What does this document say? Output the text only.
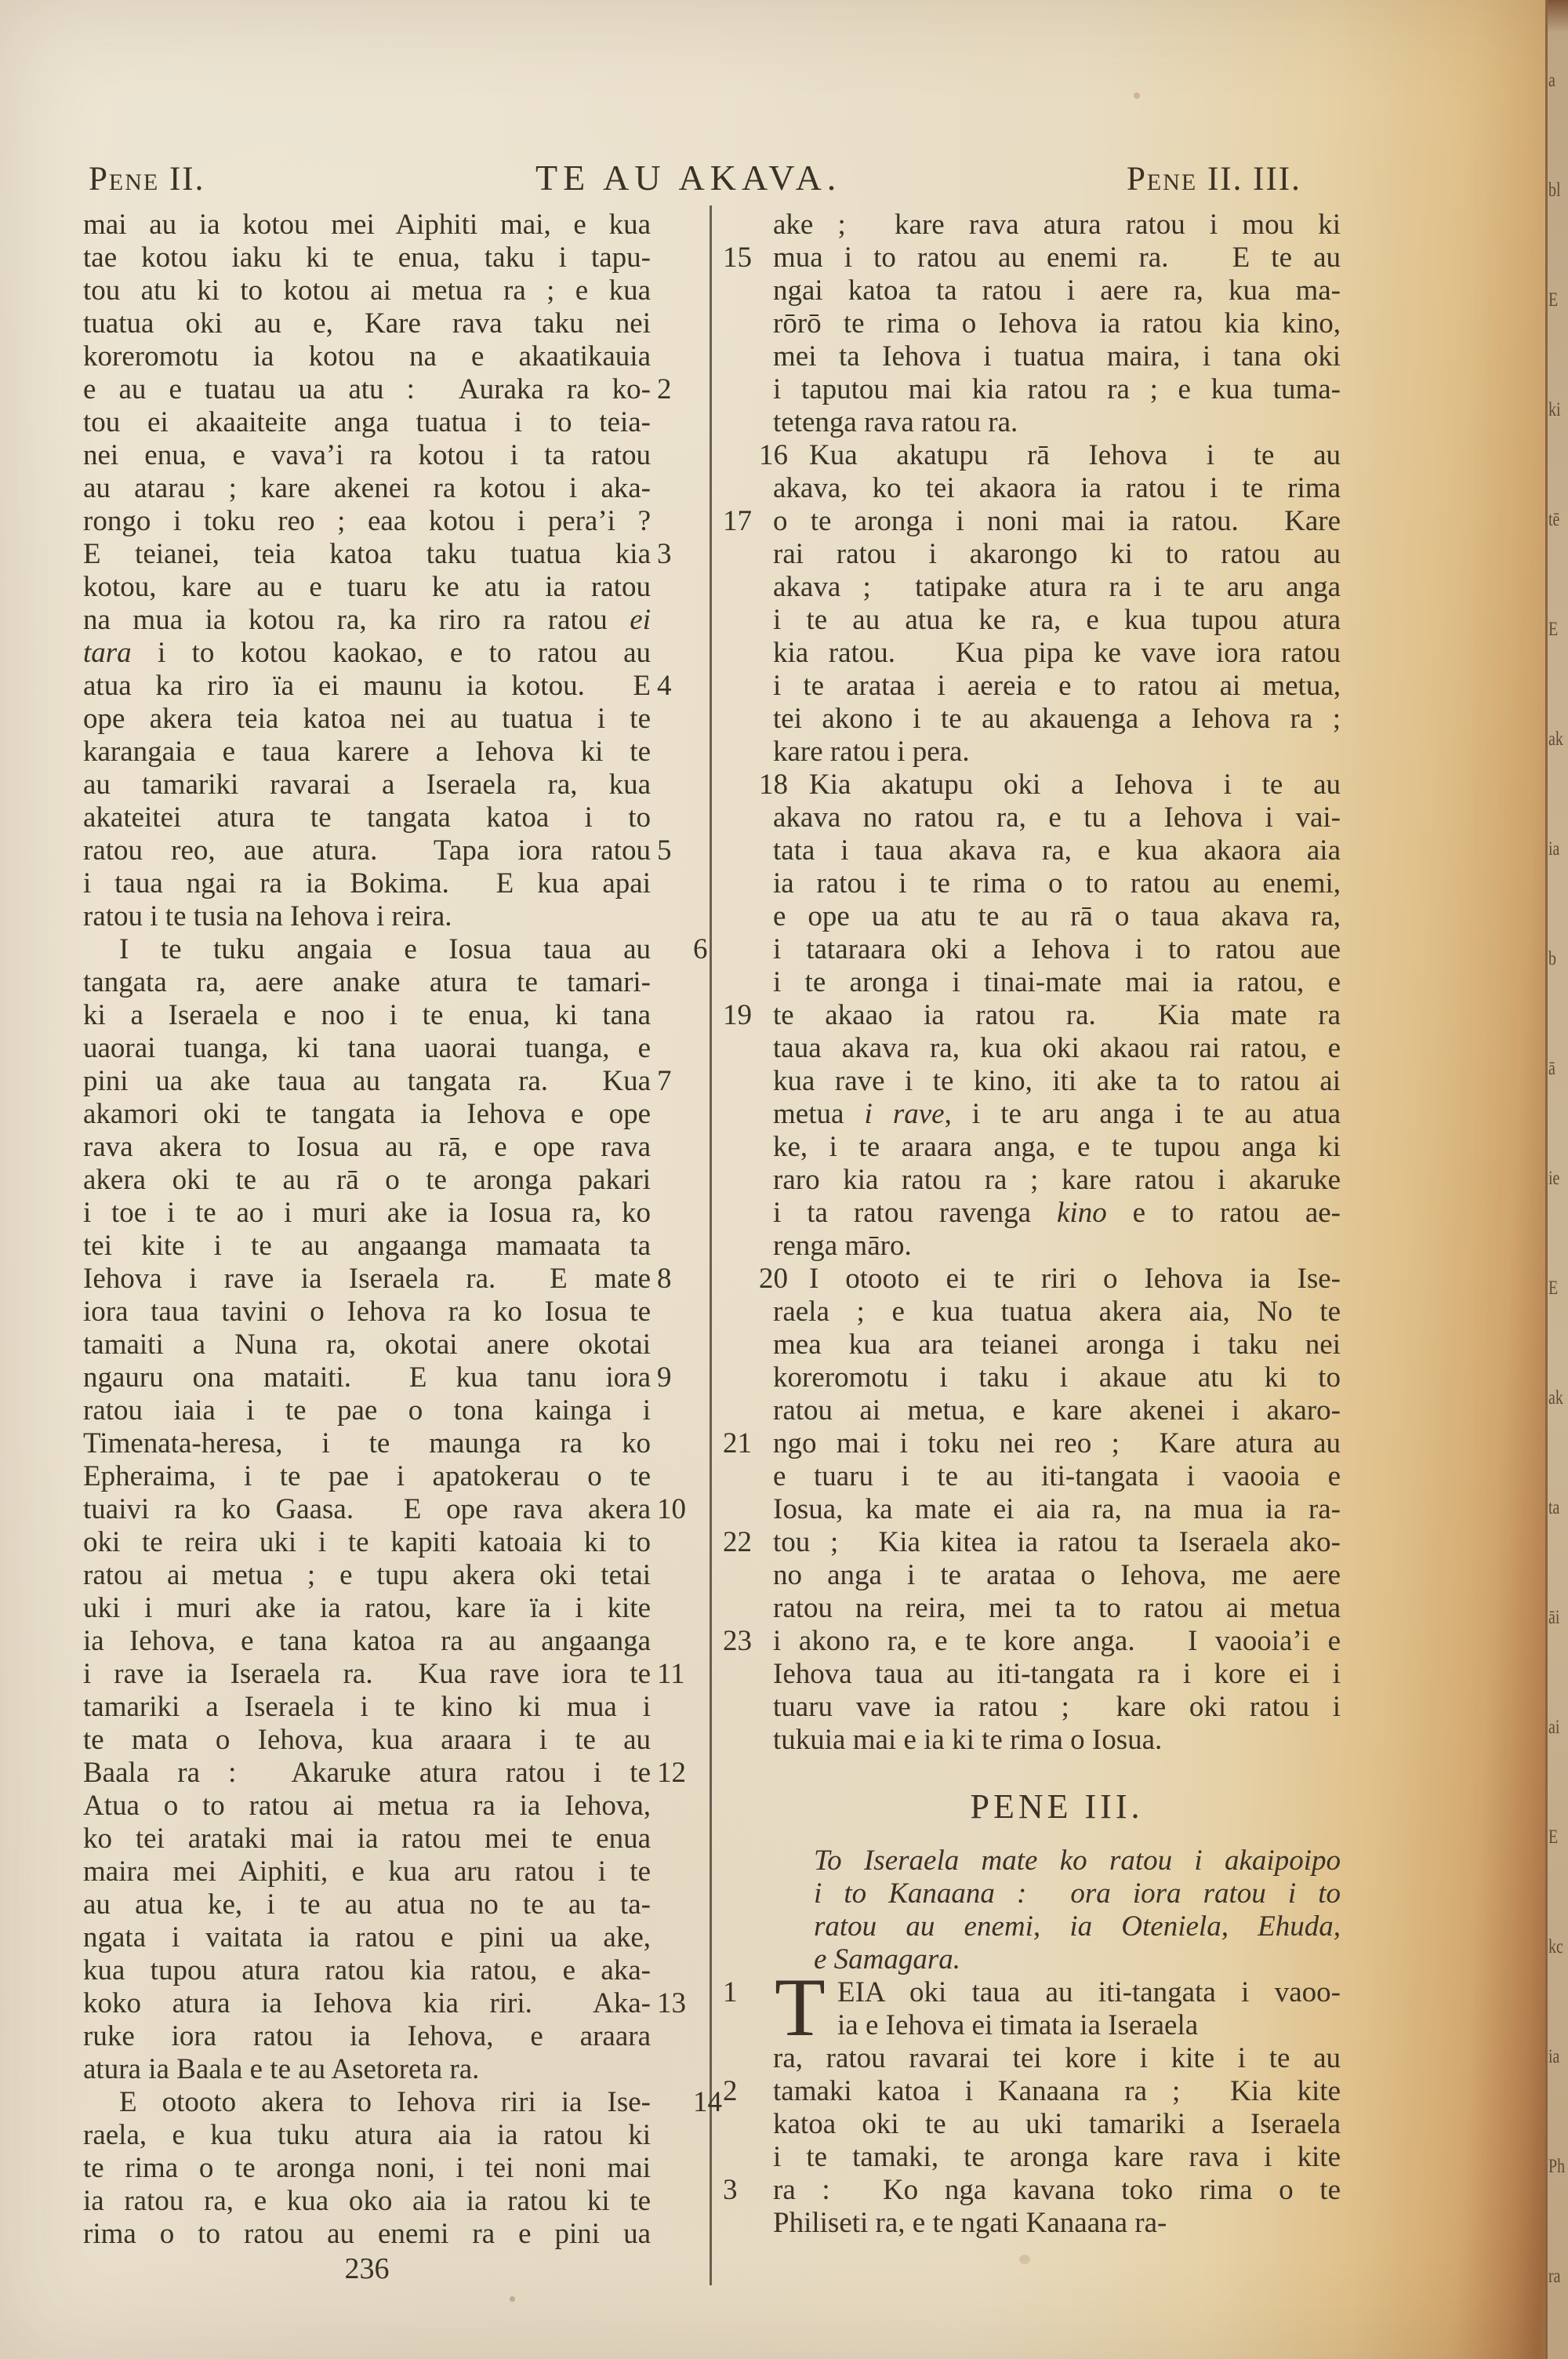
Pene II.	TE AU AKAVA.	Pene II. III.
mai au ia kotou mei Aiphiti mai, e kua
tae kotou iaku ki te enua, taku i tapu-
tou atu ki to kotou ai metua ra ; e kua
tuatua oki au e, Kare rava taku nei
koreromotu ia kotou na e akaatikauia
e au e tuatau ua atu :  Auraka ra ko- 2
tou ei akaaiteite anga tuatua i to teia-
nei enua, e vava’i ra kotou i ta ratou
au atarau ; kare akenei ra kotou i aka-
rongo i toku reo ; eaa kotou i pera’i ?
E teianei, teia katoa taku tuatua kia 3
kotou, kare au e tuaru ke atu ia ratou
na mua ia kotou ra, ka riro ra ratou ei
tara i to kotou kaokao, e to ratou au
atua ka riro ïa ei maunu ia kotou.  E 4
ope akera teia katoa nei au tuatua i te
karangaia e taua karere a Iehova ki te
au tamariki ravarai a Iseraela ra, kua
akateitei atura te tangata katoa i to
ratou reo, aue atura.  Tapa iora ratou 5
i taua ngai ra ia Bokima.  E kua apai
ratou i te tusia na Iehova i reira.
I te tuku angaia e Iosua taua au	6
tangata ra, aere anake atura te tamari-
ki a Iseraela e noo i te enua, ki tana
uaorai tuanga, ki tana uaorai tuanga, e
pini ua ake taua au tangata ra.  Kua 7
akamori oki te tangata ia Iehova e ope
rava akera to Iosua au rā, e ope rava
akera oki te au rā o te aronga pakari
i toe i te ao i muri ake ia Iosua ra, ko
tei kite i te au angaanga mamaata ta
Iehova i rave ia Iseraela ra.  E mate 8
iora taua tavini o Iehova ra ko Iosua te
tamaiti a Nuna ra, okotai anere okotai
ngauru ona mataiti.  E kua tanu iora 9
ratou iaia i te pae o tona kainga i
Timenata-heresa, i te maunga ra ko
Epheraima, i te pae i apatokerau o te
tuaivi ra ko Gaasa.  E ope rava akera 10
oki te reira uki i te kapiti katoaia ki to
ratou ai metua ; e tupu akera oki tetai
uki i muri ake ia ratou, kare ïa i kite
ia Iehova, e tana katoa ra au angaanga
i rave ia Iseraela ra.  Kua rave iora te 11
tamariki a Iseraela i te kino ki mua i
te mata o Iehova, kua araara i te au
Baala ra :  Akaruke atura ratou i te 12
Atua o to ratou ai metua ra ia Iehova,
ko tei arataki mai ia ratou mei te enua
maira mei Aiphiti, e kua aru ratou i te
au atua ke, i te au atua no te au ta-
ngata i vaitata ia ratou e pini ua ake,
kua tupou atura ratou kia ratou, e aka-
koko atura ia Iehova kia riri.  Aka- 13
ruke iora ratou ia Iehova, e araara
atura ia Baala e te au Asetoreta ra.
E otooto akera to Iehova riri ia Ise-	14
raela, e kua tuku atura aia ia ratou ki
te rima o te aronga noni, i tei noni mai
ia ratou ra, e kua oko aia ia ratou ki te
rima o to ratou au enemi ra e pini ua
236
ake ;  kare rava atura ratou i mou ki
mua i to ratou au enemi ra.   E te au
15
ngai katoa ta ratou i aere ra, kua ma-
rōrō te rima o Iehova ia ratou kia kino,
mei ta Iehova i tuatua maira, i tana oki
i taputou mai kia ratou ra ; e kua tuma-
tetenga rava ratou ra.
Kua akatupu rā Iehova i te au
16
akava, ko tei akaora ia ratou i te rima
o te aronga i noni mai ia ratou.  Kare
17
rai ratou i akarongo ki to ratou au
akava ;  tatipake atura ra i te aru anga
i te au atua ke ra, e kua tupou atura
kia ratou.   Kua pipa ke vave iora ratou
i te arataa i aereia e to ratou ai metua,
tei akono i te au akauenga a Iehova ra ;
kare ratou i pera.
Kia akatupu oki a Iehova i te au
18
akava no ratou ra, e tu a Iehova i vai-
tata i taua akava ra, e kua akaora aia
ia ratou i te rima o to ratou au enemi,
e ope ua atu te au rā o taua akava ra,
i tataraara oki a Iehova i to ratou aue
i te aronga i tinai-mate mai ia ratou, e
te akaao ia ratou ra.  Kia mate ra
19
taua akava ra, kua oki akaou rai ratou, e
kua rave i te kino, iti ake ta to ratou ai
metua i rave, i te aru anga i te au atua
ke, i te araara anga, e te tupou anga ki
raro kia ratou ra ; kare ratou i akaruke
i ta ratou ravenga kino e to ratou ae-
renga māro.
I otooto ei te riri o Iehova ia Ise-
20
raela ; e kua tuatua akera aia, No te
mea kua ara teianei aronga i taku nei
koreromotu i taku i akaue atu ki to
ratou ai metua, e kare akenei i akaro-
ngo mai i toku nei reo ;  Kare atura au
21
e tuaru i te au iti-tangata i vaooia e
Iosua, ka mate ei aia ra, na mua ia ra-
tou ;  Kia kitea ia ratou ta Iseraela ako-
22
no anga i te arataa o Iehova, me aere
ratou na reira, mei ta to ratou ai metua
i akono ra, e te kore anga.   I vaooia’i e
23
Iehova taua au iti-tangata ra i kore ei i
tuaru vave ia ratou ;  kare oki ratou i
tukuia mai e ia ki te rima o Iosua.
PENE III.
To Iseraela mate ko ratou i akaipoipo
i to Kanaana :  ora iora ratou i to
ratou au enemi, ia Oteniela, Ehuda,
e Samagara.
T EIA oki taua au iti-tangata i vaoo-
1
ia e Iehova ei timata ia Iseraela
ra, ratou ravarai tei kore i kite i te au
tamaki katoa i Kanaana ra ;  Kia kite
2
katoa oki te au uki tamariki a Iseraela
i te tamaki, te aronga kare rava i kite
ra :  Ko nga kavana toko rima o te
3
Philiseti ra, e te ngati Kanaana ra-
a
bl
E
ki
tē
E
ak
ia
b
ā
ie
E
ak
ta
āi
ai
E
kc
ia
Ph
ra
